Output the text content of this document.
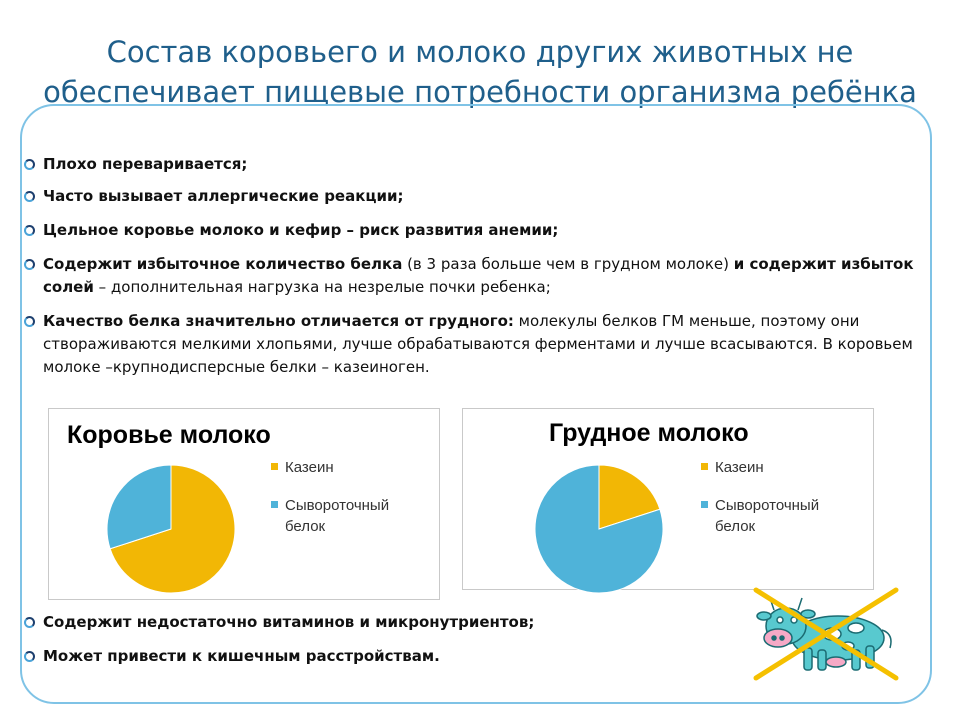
Состав коровьего и молоко других животных не
обеспечивает пищевые потребности организма ребёнка
Плохо переваривается;
Часто вызывает аллергические реакции;
Цельное коровье молоко и кефир – риск развития анемии;
Содержит избыточное количество белка (в 3 раза больше чем в грудном молоке) и содержит избыток солей – дополнительная нагрузка на незрелые почки ребенка;
Качество белка значительно отличается от грудного: молекулы белков ГМ меньше, поэтому они створаживаются мелкими хлопьями, лучше обрабатываются ферментами и лучше всасываются. В коровьем молоке –крупнодисперсные белки – казеиноген.
Коровье молоко
Казеин
Сывороточный
белок
Грудное молоко
Казеин
Сывороточный
белок
Содержит недостаточно витаминов и микронутриентов;
Может привести к кишечным расстройствам.
